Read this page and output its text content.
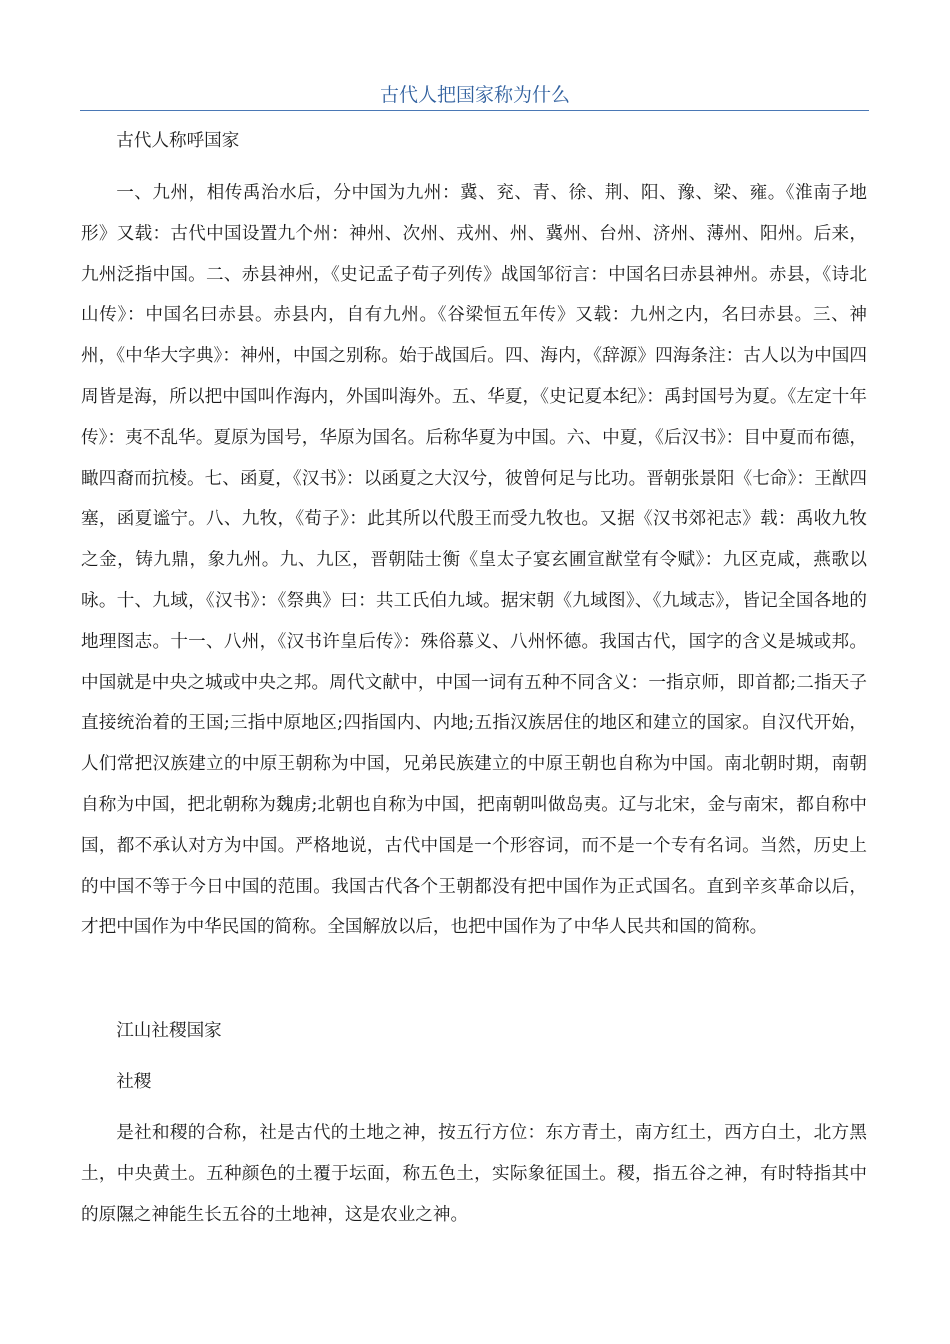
古代人把国家称为什么

古代人称呼国家

一、九州，相传禹治水后，分中国为九州：冀、兖、青、徐、荆、阳、豫、梁、雍。《淮南子地形》又载：古代中国设置九个州：神州、次州、戎州、州、冀州、台州、济州、薄州、阳州。后来，九州泛指中国。二、赤县神州，《史记孟子荀子列传》战国邹衍言：中国名曰赤县神州。赤县，《诗北山传》：中国名曰赤县。赤县内，自有九州。《谷梁恒五年传》又载：九州之内，名曰赤县。三、神州，《中华大字典》：神州，中国之别称。始于战国后。四、海内，《辞源》四海条注：古人以为中国四周皆是海，所以把中国叫作海内，外国叫海外。五、华夏，《史记夏本纪》：禹封国号为夏。《左定十年传》：夷不乱华。夏原为国号，华原为国名。后称华夏为中国。六、中夏，《后汉书》：目中夏而布德，瞰四裔而抗棱。七、函夏，《汉书》：以函夏之大汉兮，彼曾何足与比功。晋朝张景阳《七命》：王猷四塞，函夏谧宁。八、九牧，《荀子》：此其所以代殷王而受九牧也。又据《汉书郊祀志》载：禹收九牧之金，铸九鼎，象九州。九、九区，晋朝陆士衡《皇太子宴玄圃宣猷堂有令赋》：九区克咸，燕歌以咏。十、九域，《汉书》：《祭典》曰：共工氏伯九域。据宋朝《九域图》、《九域志》，皆记全国各地的地理图志。十一、八州，《汉书许皇后传》：殊俗慕义、八州怀德。我国古代，国字的含义是城或邦。中国就是中央之城或中央之邦。周代文献中，中国一词有五种不同含义：一指京师，即首都;二指天子直接统治着的王国;三指中原地区;四指国内、内地;五指汉族居住的地区和建立的国家。自汉代开始，人们常把汉族建立的中原王朝称为中国，兄弟民族建立的中原王朝也自称为中国。南北朝时期，南朝自称为中国，把北朝称为魏虏;北朝也自称为中国，把南朝叫做岛夷。辽与北宋，金与南宋，都自称中国，都不承认对方为中国。严格地说，古代中国是一个形容词，而不是一个专有名词。当然，历史上的中国不等于今日中国的范围。我国古代各个王朝都没有把中国作为正式国名。直到辛亥革命以后，才把中国作为中华民国的简称。全国解放以后，也把中国作为了中华人民共和国的简称。

江山社稷国家

社稷

是社和稷的合称，社是古代的土地之神，按五行方位：东方青土，南方红土，西方白土，北方黑土，中央黄土。五种颜色的土覆于坛面，称五色土，实际象征国土。稷，指五谷之神，有时特指其中的原隰之神能生长五谷的土地神，这是农业之神。
